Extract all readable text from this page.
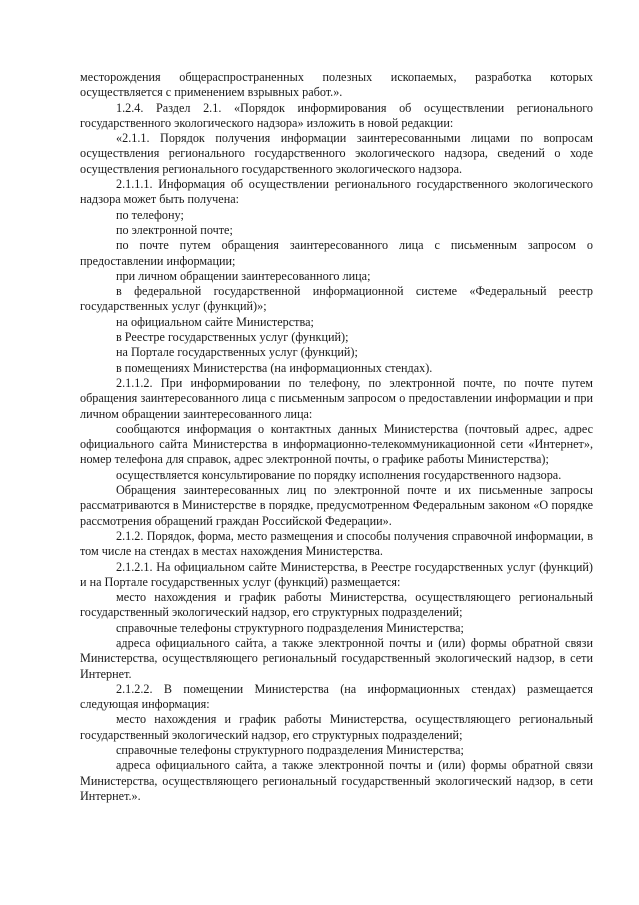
месторождения общераспространенных полезных ископаемых, разработка которых осуществляется с применением взрывных работ.».

1.2.4. Раздел 2.1. «Порядок информирования об осуществлении регионального государственного экологического надзора» изложить в новой редакции:

«2.1.1. Порядок получения информации заинтересованными лицами по вопросам осуществления регионального государственного экологического надзора, сведений о ходе осуществления регионального государственного экологического надзора.

2.1.1.1. Информация об осуществлении регионального государственного экологического надзора может быть получена:

по телефону;

по электронной почте;

по почте путем обращения заинтересованного лица с письменным запросом о предоставлении информации;

при личном обращении заинтересованного лица;

в федеральной государственной информационной системе «Федеральный реестр государственных услуг (функций)»;

на официальном сайте Министерства;

в Реестре государственных услуг (функций);

на Портале государственных услуг (функций);

в помещениях Министерства (на информационных стендах).

2.1.1.2. При информировании по телефону, по электронной почте, по почте путем обращения заинтересованного лица с письменным запросом о предоставлении информации и при личном обращении заинтересованного лица:

сообщаются информация о контактных данных Министерства (почтовый адрес, адрес официального сайта Министерства в информационно-телекоммуникационной сети «Интернет», номер телефона для справок, адрес электронной почты, о графике работы Министерства);

осуществляется консультирование по порядку исполнения государственного надзора.

Обращения заинтересованных лиц по электронной почте и их письменные запросы рассматриваются в Министерстве в порядке, предусмотренном Федеральным законом «О порядке рассмотрения обращений граждан Российской Федерации».

2.1.2. Порядок, форма, место размещения и способы получения справочной информации, в том числе на стендах в местах нахождения Министерства.

2.1.2.1. На официальном сайте Министерства, в Реестре государственных услуг (функций) и на Портале государственных услуг (функций) размещается:

место нахождения и график работы Министерства, осуществляющего региональный государственный экологический надзор, его структурных подразделений;

справочные телефоны структурного подразделения Министерства;

адреса официального сайта, а также электронной почты и (или) формы обратной связи Министерства, осуществляющего региональный государственный экологический надзор, в сети Интернет.

2.1.2.2. В помещении Министерства (на информационных стендах) размещается следующая информация:

место нахождения и график работы Министерства, осуществляющего региональный государственный экологический надзор, его структурных подразделений;

справочные телефоны структурного подразделения Министерства;

адреса официального сайта, а также электронной почты и (или) формы обратной связи Министерства, осуществляющего региональный государственный экологический надзор, в сети Интернет.».
